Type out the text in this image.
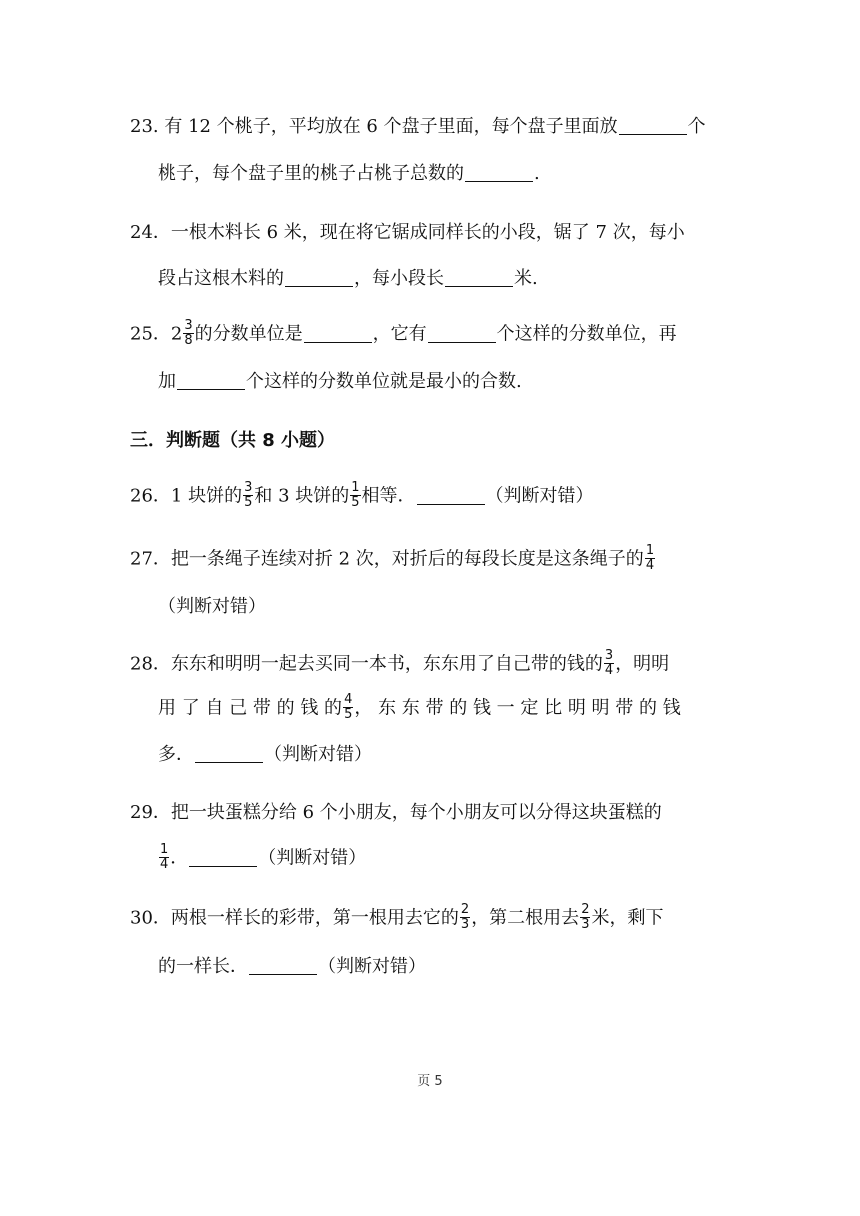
23. 有 12 个桃子，平均放在 6 个盘子里面，每个盘子里面放	个
桃子，每个盘子里的桃子占桃子总数的	.
24．一根木料长 6 米，现在将它锯成同样长的小段，锯了 7 次，每小
段占这根木料的	，每小段长	米.
25．$2 \frac{3}{8}$ 的分数单位是	，它有	个这样的分数单位，再
加	个这样的分数单位就是最小的合数.
三．判断题（共 8 小题）
26．1 块饼的 $\frac{3}{5}$ 和 3 块饼的 $\frac{1}{5}$ 相等．	（判断对错）
27．把一条绳子连续对折 2 次，对折后的每段长度是这条绳子的 $\frac{1}{4}$
（判断对错）
28．东东和明明一起去买同一本书，东东用了自己带的钱的 $\frac{3}{4}$ ，明明
用 了 自 己 带 的 钱 的 $\frac{4}{5}$ ， 东 东 带 的 钱 一 定 比 明 明 带 的 钱
多．	（判断对错）
29．把一块蛋糕分给 6 个小朋友，每个小朋友可以分得这块蛋糕的
$\frac{1}{4}$ ．	（判断对错）
30．两根一样长的彩带，第一根用去它的 $\frac{2}{3}$ ，第二根用去 $\frac{2}{3}$ 米，剩下
的一样长．	（判断对错）
页 5
